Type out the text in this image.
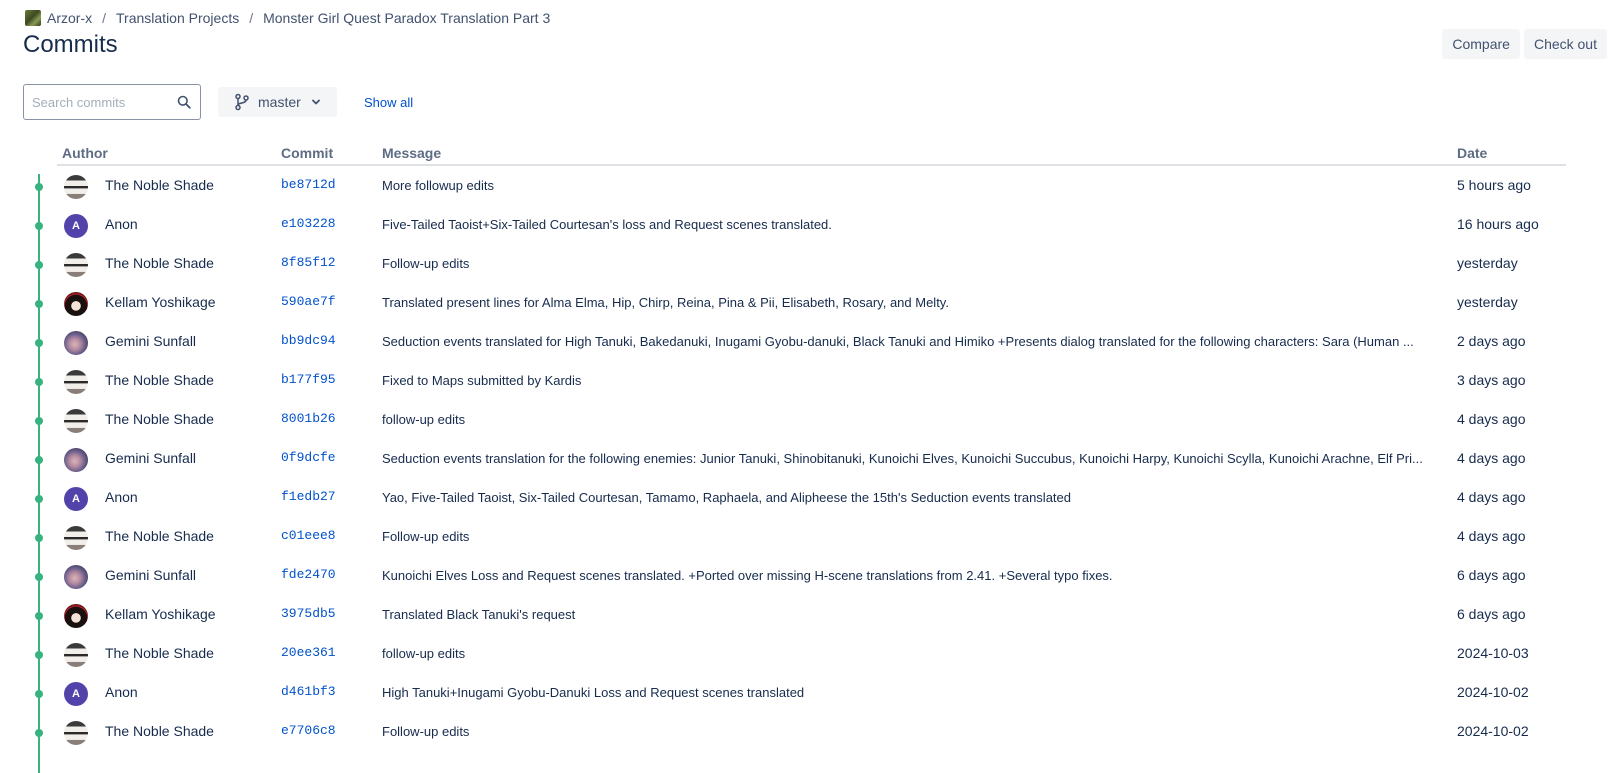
Arzor-x / Translation Projects / Monster Girl Quest Paradox Translation Part 3
Commits	Compare	Check out
Search commits
master	Show all
Author	Commit	Message	Date
The Noble Shade	be8712d	More followup edits	5 hours ago
A	Anon	e103228	Five-Tailed Taoist+Six-Tailed Courtesan's loss and Request scenes translated.	16 hours ago
The Noble Shade	8f85f12	Follow-up edits	yesterday
Kellam Yoshikage	590ae7f	Translated present lines for Alma Elma, Hip, Chirp, Reina, Pina & Pii, Elisabeth, Rosary, and Melty.	yesterday
Gemini Sunfall	bb9dc94	Seduction events translated for High Tanuki, Bakedanuki, Inugami Gyobu-danuki, Black Tanuki and Himiko +Presents dialog translated for the following characters: Sara (Human ...	2 days ago
The Noble Shade	b177f95	Fixed to Maps submitted by Kardis	3 days ago
The Noble Shade	8001b26	follow-up edits	4 days ago
Gemini Sunfall	0f9dcfe	Seduction events translation for the following enemies: Junior Tanuki, Shinobitanuki, Kunoichi Elves, Kunoichi Succubus, Kunoichi Harpy, Kunoichi Scylla, Kunoichi Arachne, Elf Pri...	4 days ago
A	Anon	f1edb27	Yao, Five-Tailed Taoist, Six-Tailed Courtesan, Tamamo, Raphaela, and Alipheese the 15th's Seduction events translated	4 days ago
The Noble Shade	c01eee8	Follow-up edits	4 days ago
Gemini Sunfall	fde2470	Kunoichi Elves Loss and Request scenes translated. +Ported over missing H-scene translations from 2.41. +Several typo fixes.	6 days ago
Kellam Yoshikage	3975db5	Translated Black Tanuki's request	6 days ago
The Noble Shade	20ee361	follow-up edits	2024-10-03
A	Anon	d461bf3	High Tanuki+Inugami Gyobu-Danuki Loss and Request scenes translated	2024-10-02
The Noble Shade	e7706c8	Follow-up edits	2024-10-02
